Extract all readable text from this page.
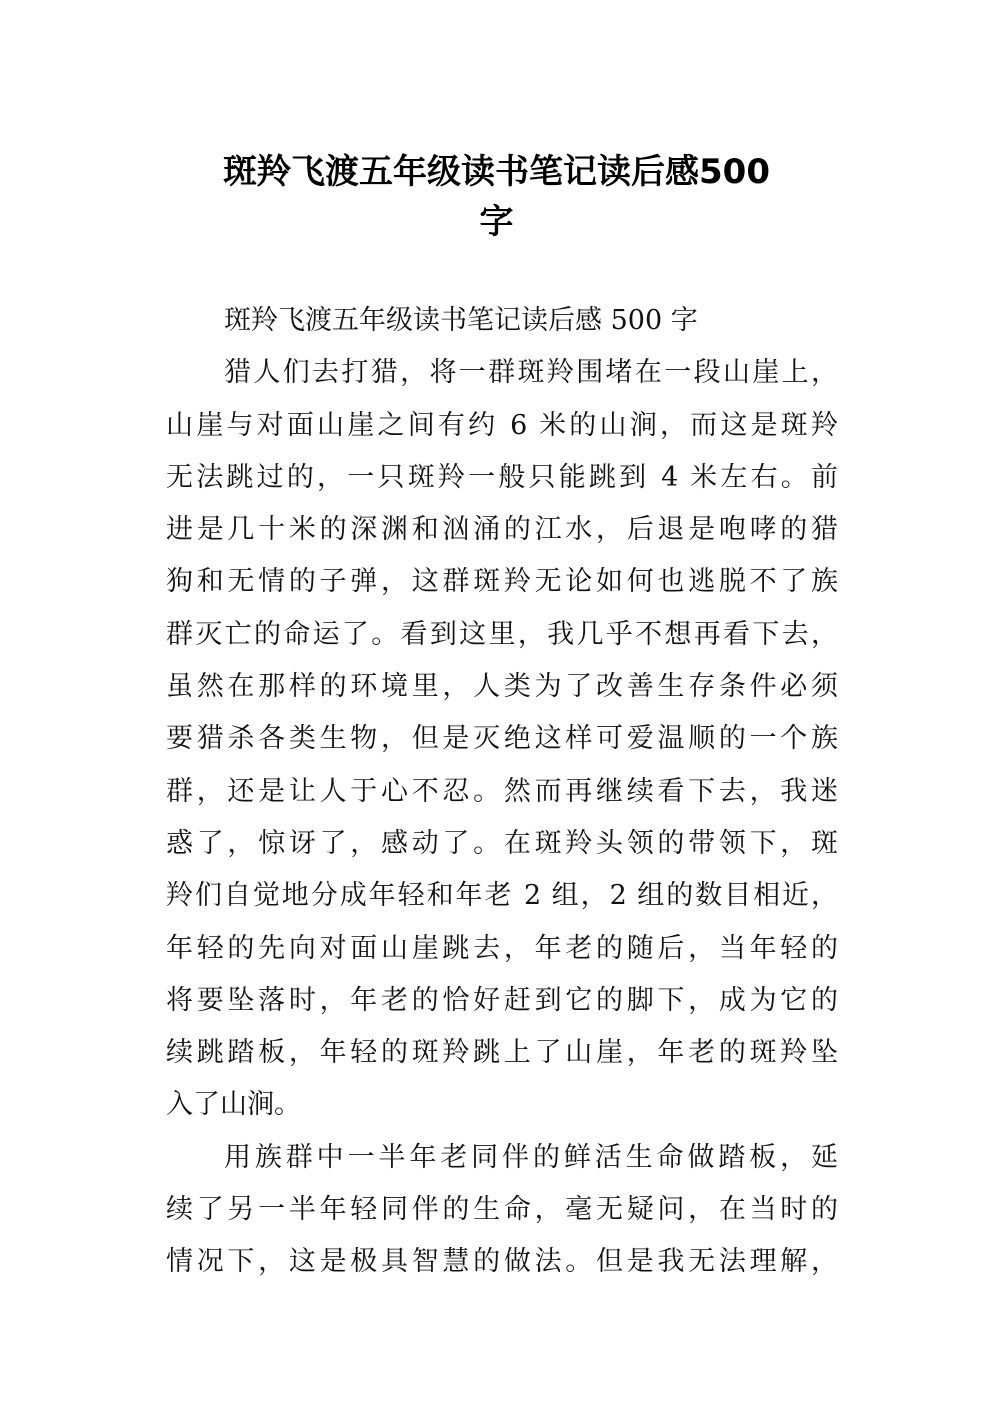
斑羚飞渡五年级读书笔记读后感500
字
斑羚飞渡五年级读书笔记读后感 500 字
猎人们去打猎，将一群斑羚围堵在一段山崖上，
山崖与对面山崖之间有约 6 米的山涧，而这是斑羚
无法跳过的，一只斑羚一般只能跳到 4 米左右。前
进是几十米的深渊和汹涌的江水，后退是咆哮的猎
狗和无情的子弹，这群斑羚无论如何也逃脱不了族
群灭亡的命运了。看到这里，我几乎不想再看下去，
虽然在那样的环境里，人类为了改善生存条件必须
要猎杀各类生物，但是灭绝这样可爱温顺的一个族
群，还是让人于心不忍。然而再继续看下去，我迷
惑了，惊讶了，感动了。在斑羚头领的带领下，斑
羚们自觉地分成年轻和年老 2 组，2 组的数目相近，
年轻的先向对面山崖跳去，年老的随后，当年轻的
将要坠落时，年老的恰好赶到它的脚下，成为它的
续跳踏板，年轻的斑羚跳上了山崖，年老的斑羚坠
入了山涧。
用族群中一半年老同伴的鲜活生命做踏板，延
续了另一半年轻同伴的生命，毫无疑问，在当时的
情况下，这是极具智慧的做法。但是我无法理解，
